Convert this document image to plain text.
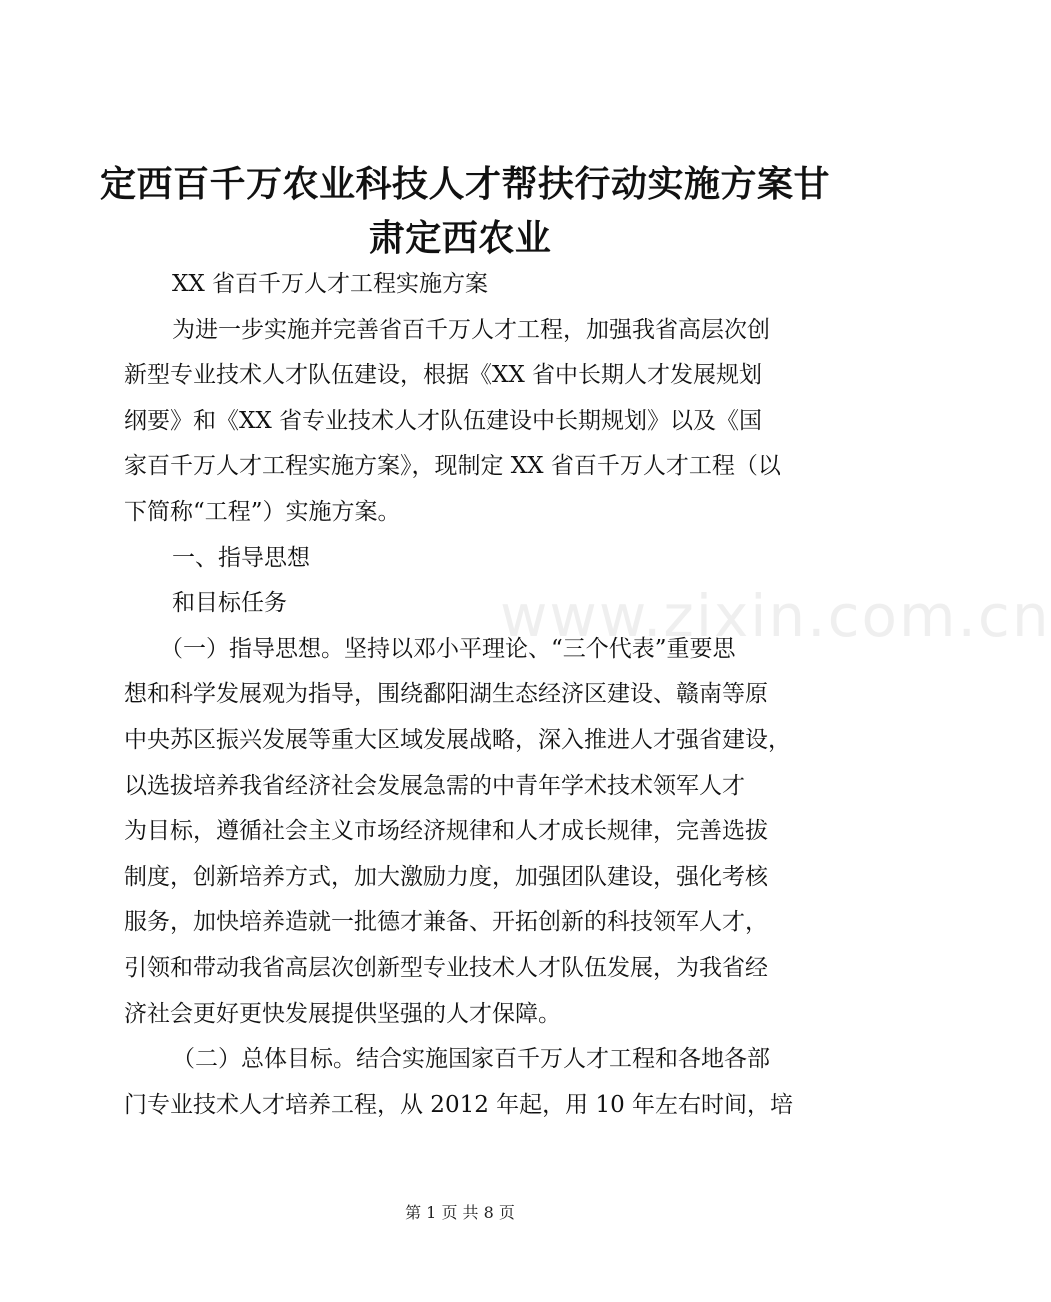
定西百千万农业科技人才帮扶行动实施方案甘
肃定西农业
www.zixin.com.cn
XX 省百千万人才工程实施方案
为进一步实施并完善省百千万人才工程，加强我省高层次创
新型专业技术人才队伍建设，根据《XX 省中长期人才发展规划
纲要》和《XX 省专业技术人才队伍建设中长期规划》以及《国
家百千万人才工程实施方案》，现制定 XX 省百千万人才工程（以
下简称“工程”）实施方案。
一、指导思想
和目标任务
（一）指导思想。坚持以邓小平理论、“三个代表”重要思
想和科学发展观为指导，围绕鄱阳湖生态经济区建设、赣南等原
中央苏区振兴发展等重大区域发展战略，深入推进人才强省建设，
以选拔培养我省经济社会发展急需的中青年学术技术领军人才
为目标，遵循社会主义市场经济规律和人才成长规律，完善选拔
制度，创新培养方式，加大激励力度，加强团队建设，强化考核
服务，加快培养造就一批德才兼备、开拓创新的科技领军人才，
引领和带动我省高层次创新型专业技术人才队伍发展，为我省经
济社会更好更快发展提供坚强的人才保障。
（二）总体目标。结合实施国家百千万人才工程和各地各部
门专业技术人才培养工程，从 2012 年起，用 10 年左右时间，培
第 1 页 共 8 页
